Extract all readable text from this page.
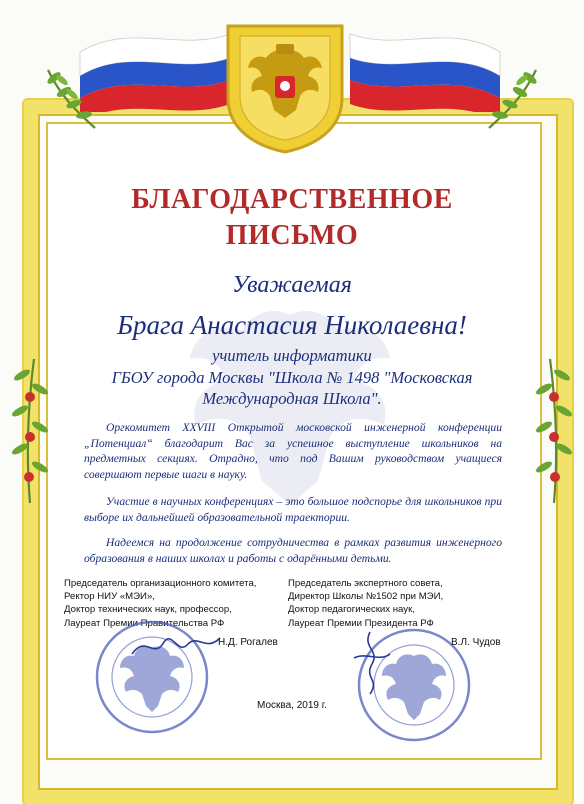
БЛАГОДАРСТВЕННОЕ
ПИСЬМО
Уважаемая
Брага Анастасия Николаевна!
учитель информатики
ГБОУ города Москвы "Школа № 1498 "Московская
Международная Школа".
Оргкомитет XXVIII Открытой московской инженерной конференции „Потенциал“ благодарит Вас за успешное выступление школьников на предметных секциях. Отрадно, что под Вашим руководством учащиеся совершают первые шаги в науку.
Участие в научных конференциях – это большое подспорье для школьников при выборе их дальнейшей образовательной траектории.
Надеемся на продолжение сотрудничества в рамках развития инженерного образования в наших школах и работы с одарёнными детьми.
Председатель организационного комитета,
Ректор НИУ «МЭИ»,
Доктор технических наук, профессор,
Лауреат Премии Правительства РФ
Председатель экспертного совета,
Директор Школы №1502 при МЭИ,
Доктор педагогических наук,
Лауреат Премии Президента РФ
Н.Д. Рогалев	В.Л. Чудов
Москва, 2019 г.
